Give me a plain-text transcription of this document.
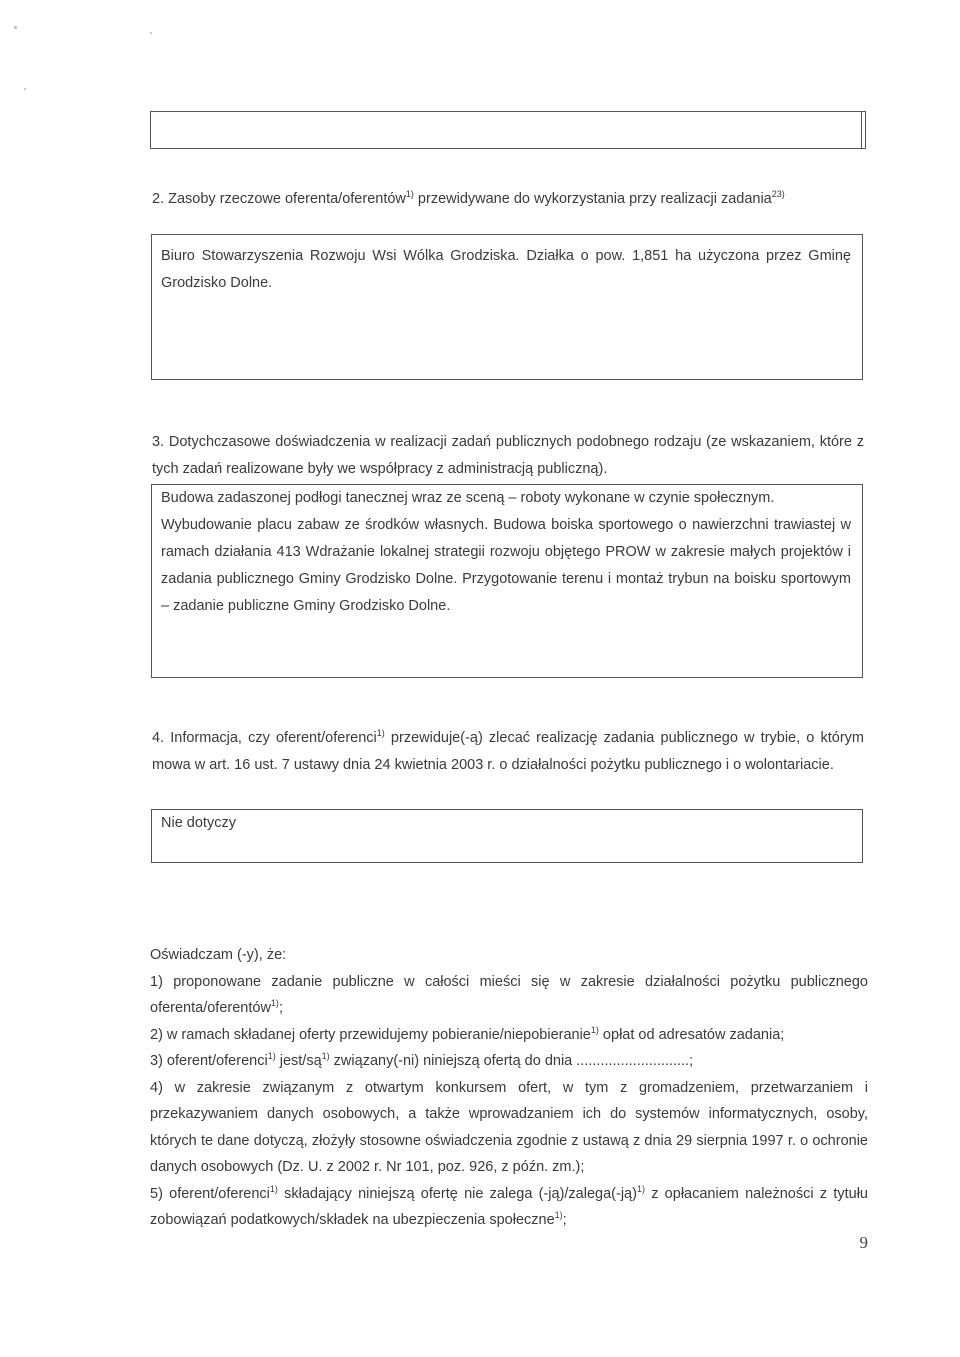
2. Zasoby rzeczowe oferenta/oferentów$^{1)}$ przewidywane do wykorzystania przy realizacji zadania$^{23)}$
Biuro Stowarzyszenia Rozwoju Wsi Wólka Grodziska. Działka o pow. 1,851 ha użyczona przez Gminę Grodzisko Dolne.
3. Dotychczasowe doświadczenia w realizacji zadań publicznych podobnego rodzaju (ze wskazaniem, które z tych zadań realizowane były we współpracy z administracją publiczną).
Budowa zadaszonej podłogi tanecznej wraz ze sceną – roboty wykonane w czynie społecznym.
Wybudowanie placu zabaw ze środków własnych. Budowa boiska sportowego o nawierzchni trawiastej w ramach działania 413 Wdrażanie lokalnej strategii rozwoju objętego PROW w zakresie małych projektów i zadania publicznego Gminy Grodzisko Dolne. Przygotowanie terenu i montaż trybun na boisku sportowym – zadanie publiczne Gminy Grodzisko Dolne.
4. Informacja, czy oferent/oferenci$^{1)}$ przewiduje(-ą) zlecać realizację zadania publicznego w trybie, o którym mowa w art. 16 ust. 7 ustawy dnia 24 kwietnia 2003 r. o działalności pożytku publicznego i o wolontariacie.
Nie dotyczy
Oświadczam (-y), że:
1) proponowane zadanie publiczne w całości mieści się w zakresie działalności pożytku publicznego oferenta/oferentów$^{1)}$;
2) w ramach składanej oferty przewidujemy pobieranie/niepobieranie$^{1)}$ opłat od adresatów zadania;
3) oferent/oferenci$^{1)}$ jest/$są^{1)}$ związany(-ni) niniejszą ofertą do dnia ............................;
4) w zakresie związanym z otwartym konkursem ofert, w tym z gromadzeniem, przetwarzaniem i przekazywaniem danych osobowych, a także wprowadzaniem ich do systemów informatycznych, osoby, których te dane dotyczą, złożyły stosowne oświadczenia zgodnie z ustawą z dnia 29 sierpnia 1997 r. o ochronie danych osobowych (Dz. U. z 2002 r. Nr 101, poz. 926, z późn. zm.);
5) oferent/oferenci$^{1)}$ składający niniejszą ofertę nie zalega (-ją)/zalega(-ją)$^{1)}$ z opłacaniem należności z tytułu zobowiązań podatkowych/składek na ubezpieczenia społeczne$^{1)}$;
9
